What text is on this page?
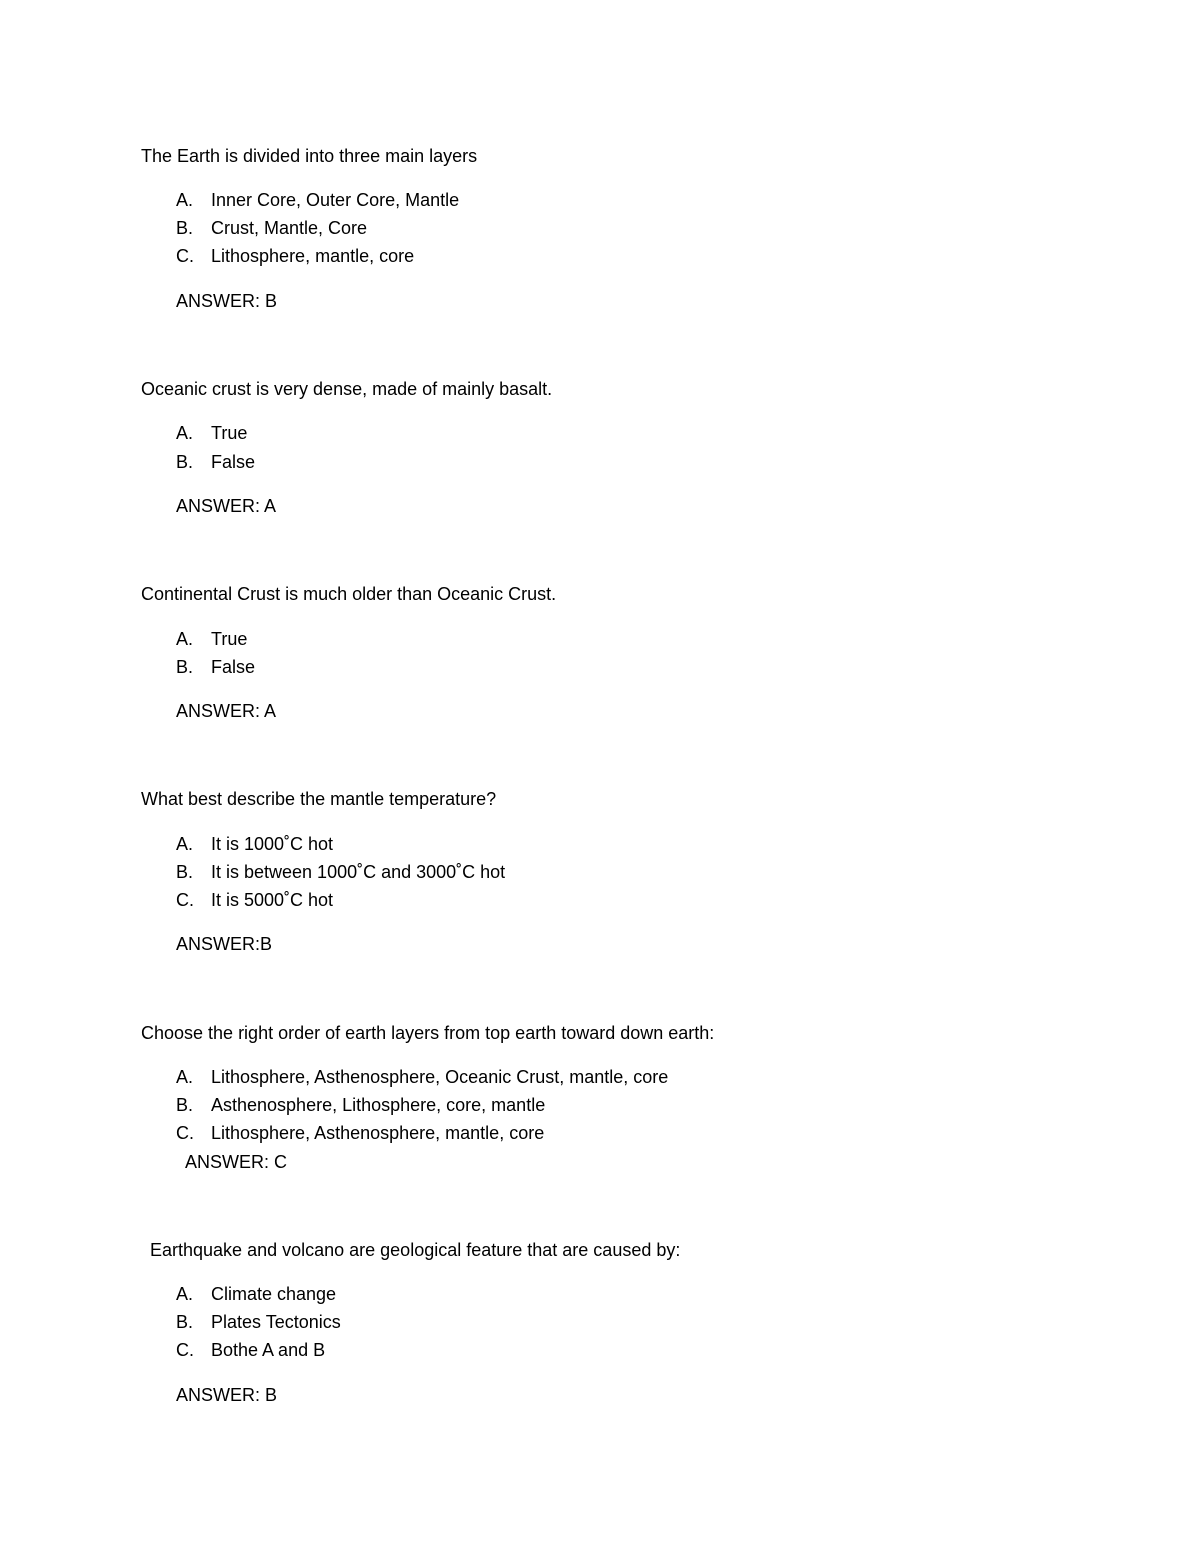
The Earth is divided into three main layers
A. Inner Core, Outer Core, Mantle
B. Crust, Mantle, Core
C. Lithosphere, mantle, core
ANSWER: B
Oceanic crust is very dense, made of mainly basalt.
A. True
B. False
ANSWER: A
Continental Crust is much older than Oceanic Crust.
A. True
B. False
ANSWER: A
What best describe the mantle temperature?
A. It is 1000˚C hot
B. It is between 1000˚C and 3000˚C hot
C. It is 5000˚C hot
ANSWER:B
Choose the right order of earth layers from top earth toward down earth:
A. Lithosphere, Asthenosphere, Oceanic Crust, mantle, core
B. Asthenosphere, Lithosphere, core, mantle
C. Lithosphere, Asthenosphere, mantle, core
ANSWER: C
Earthquake and volcano are geological feature that are caused by:
A. Climate change
B. Plates Tectonics
C. Bothe A and B
ANSWER: B
